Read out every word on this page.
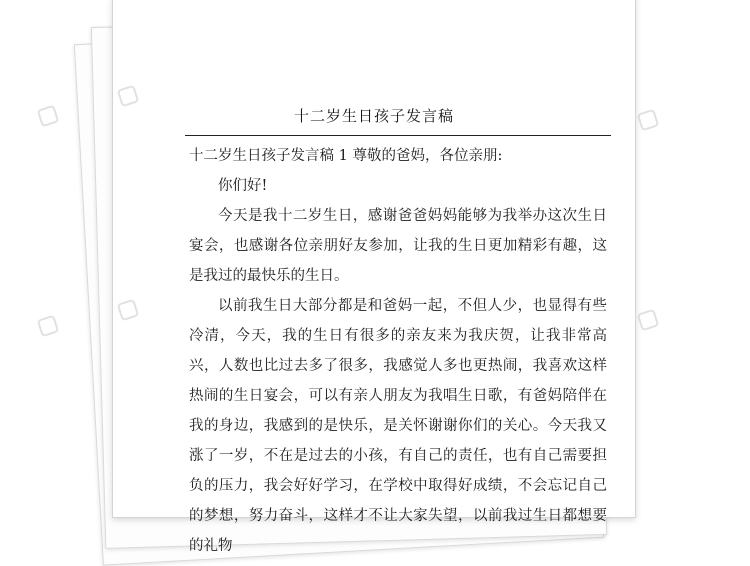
十二岁生日孩子发言稿

十二岁生日孩子发言稿 1 尊敬的爸妈，各位亲朋:

你们好!

今天是我十二岁生日，感谢爸爸妈妈能够为我举办这次生日宴会，也感谢各位亲朋好友参加，让我的生日更加精彩有趣，这是我过的最快乐的生日。

以前我生日大部分都是和爸妈一起，不但人少，也显得有些冷清，今天，我的生日有很多的亲友来为我庆贺，让我非常高兴，人数也比过去多了很多，我感觉人多也更热闹，我喜欢这样热闹的生日宴会，可以有亲人朋友为我唱生日歌，有爸妈陪伴在我的身边，我感到的是快乐，是关怀谢谢你们的关心。今天我又涨了一岁，不在是过去的小孩，有自己的责任，也有自己需要担负的压力，我会好好学习，在学校中取得好成绩，不会忘记自己的梦想，努力奋斗，这样才不让大家失望，以前我过生日都想要的礼物
